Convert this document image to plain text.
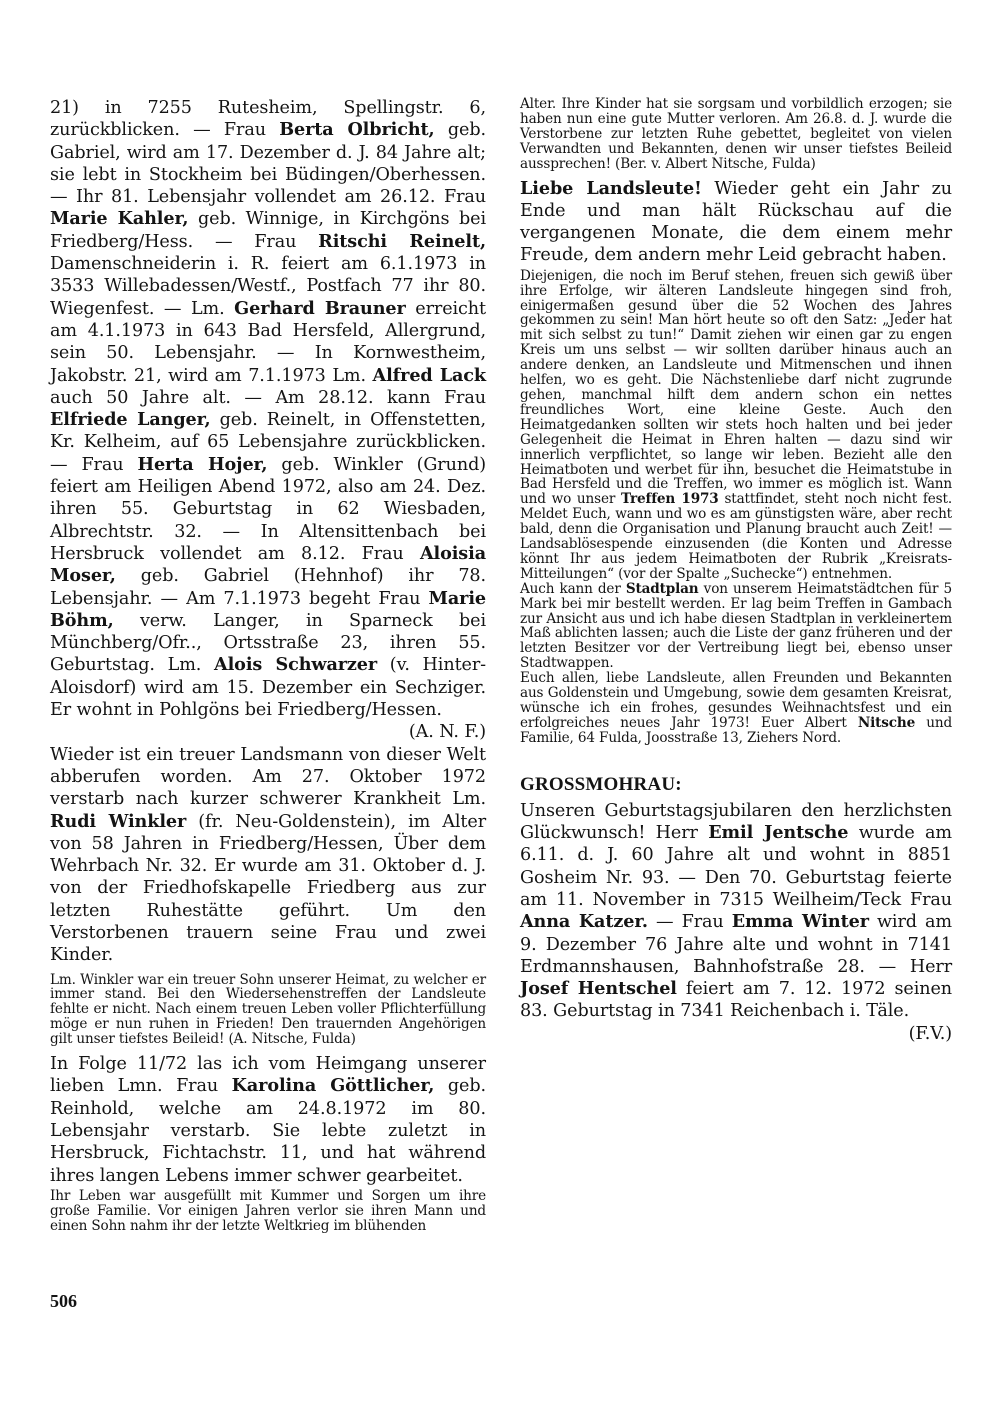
21) in 7255 Rutesheim, Spellingstr. 6, zurückblicken. — Frau Berta Olbricht, geb. Gabriel, wird am 17. Dezember d. J. 84 Jahre alt; sie lebt in Stockheim bei Büdingen/Oberhessen. — Ihr 81. Lebensjahr vollendet am 26.12. Frau Marie Kahler, geb. Winnige, in Kirchgöns bei Friedberg/Hess. — Frau Ritschi Reinelt, Damenschneiderin i. R. feiert am 6.1.1973 in 3533 Willebadessen/Westf., Postfach 77 ihr 80. Wiegenfest. — Lm. Gerhard Brauner erreicht am 4.1.1973 in 643 Bad Hersfeld, Allergrund, sein 50. Lebensjahr. — In Kornwestheim, Jakobstr. 21, wird am 7.1.1973 Lm. Alfred Lack auch 50 Jahre alt. — Am 28.12. kann Frau Elfriede Langer, geb. Reinelt, in Offenstetten, Kr. Kelheim, auf 65 Lebensjahre zurückblicken. — Frau Herta Hojer, geb. Winkler (Grund) feiert am Heiligen Abend 1972, also am 24. Dez. ihren 55. Geburtstag in 62 Wiesbaden, Albrechtstr. 32. — In Altensittenbach bei Hersbruck vollendet am 8.12. Frau Aloisia Moser, geb. Gabriel (Hehnhof) ihr 78. Lebensjahr. — Am 7.1.1973 begeht Frau Marie Böhm, verw. Langer, in Sparneck bei Münchberg/Ofr.., Ortsstraße 23, ihren 55. Geburtstag. Lm. Alois Schwarzer (v. Hinter-Aloisdorf) wird am 15. Dezember ein Sechziger. Er wohnt in Pohlgöns bei Friedberg/Hessen.

(A. N. F.)

Wieder ist ein treuer Landsmann von dieser Welt abberufen worden. Am 27. Oktober 1972 verstarb nach kurzer schwerer Krankheit Lm. Rudi Winkler (fr. Neu-Goldenstein), im Alter von 58 Jahren in Friedberg/Hessen, Über dem Wehrbach Nr. 32. Er wurde am 31. Oktober d. J. von der Friedhofskapelle Friedberg aus zur letzten Ruhestätte geführt. Um den Verstorbenen trauern seine Frau und zwei Kinder.

Lm. Winkler war ein treuer Sohn unserer Heimat, zu welcher er immer stand. Bei den Wiedersehenstreffen der Landsleute fehlte er nicht. Nach einem treuen Leben voller Pflichterfüllung möge er nun ruhen in Frieden! Den trauernden Angehörigen gilt unser tiefstes Beileid! (A. Nitsche, Fulda)

In Folge 11/72 las ich vom Heimgang unserer lieben Lmn. Frau Karolina Göttlicher, geb. Reinhold, welche am 24.8.1972 im 80. Lebensjahr verstarb. Sie lebte zuletzt in Hersbruck, Fichtachstr. 11, und hat während ihres langen Lebens immer schwer gearbeitet.

Ihr Leben war ausgefüllt mit Kummer und Sorgen um ihre große Familie. Vor einigen Jahren verlor sie ihren Mann und einen Sohn nahm ihr der letzte Weltkrieg im blühenden

Alter. Ihre Kinder hat sie sorgsam und vorbildlich erzogen; sie haben nun eine gute Mutter verloren. Am 26.8. d. J. wurde die Verstorbene zur letzten Ruhe gebettet, begleitet von vielen Verwandten und Bekannten, denen wir unser tiefstes Beileid aussprechen! (Ber. v. Albert Nitsche, Fulda)

Liebe Landsleute! Wieder geht ein Jahr zu Ende und man hält Rückschau auf die vergangenen Monate, die dem einem mehr Freude, dem andern mehr Leid gebracht haben.

Diejenigen, die noch im Beruf stehen, freuen sich gewiß über ihre Erfolge, wir älteren Landsleute hingegen sind froh, einigermaßen gesund über die 52 Wochen des Jahres gekommen zu sein! Man hört heute so oft den Satz: „Jeder hat mit sich selbst zu tun!“ Damit ziehen wir einen gar zu engen Kreis um uns selbst — wir sollten darüber hinaus auch an andere denken, an Landsleute und Mitmenschen und ihnen helfen, wo es geht. Die Nächstenliebe darf nicht zugrunde gehen, manchmal hilft dem andern schon ein nettes freundliches Wort, eine kleine Geste. Auch den Heimatgedanken sollten wir stets hoch halten und bei jeder Gelegenheit die Heimat in Ehren halten — dazu sind wir innerlich verpflichtet, so lange wir leben. Bezieht alle den Heimatboten und werbet für ihn, besuchet die Heimatstube in Bad Hersfeld und die Treffen, wo immer es möglich ist. Wann und wo unser Treffen 1973 stattfindet, steht noch nicht fest. Meldet Euch, wann und wo es am günstigsten wäre, aber recht bald, denn die Organisation und Planung braucht auch Zeit! — Landsablösespende einzusenden (die Konten und Adresse könnt Ihr aus jedem Heimatboten der Rubrik „Kreisrats-Mitteilungen“ (vor der Spalte „Suchecke“) entnehmen.

Auch kann der Stadtplan von unserem Heimatstädtchen für 5 Mark bei mir bestellt werden. Er lag beim Treffen in Gambach zur Ansicht aus und ich habe diesen Stadtplan in verkleinertem Maß ablichten lassen; auch die Liste der ganz früheren und der letzten Besitzer vor der Vertreibung liegt bei, ebenso unser Stadtwappen.

Euch allen, liebe Landsleute, allen Freunden und Bekannten aus Goldenstein und Umgebung, sowie dem gesamten Kreisrat, wünsche ich ein frohes, gesundes Weihnachtsfest und ein erfolgreiches neues Jahr 1973! Euer Albert Nitsche und Familie, 64 Fulda, Joosstraße 13, Ziehers Nord.

GROSSMOHRAU:

Unseren Geburtstagsjubilaren den herzlichsten Glückwunsch! Herr Emil Jentsche wurde am 6.11. d. J. 60 Jahre alt und wohnt in 8851 Gosheim Nr. 93. — Den 70. Geburtstag feierte am 11. November in 7315 Weilheim/Teck Frau Anna Katzer. — Frau Emma Winter wird am 9. Dezember 76 Jahre alte und wohnt in 7141 Erdmannshausen, Bahnhofstraße 28. — Herr Josef Hentschel feiert am 7. 12. 1972 seinen 83. Geburtstag in 7341 Reichenbach i. Täle.

(F.V.)

506
